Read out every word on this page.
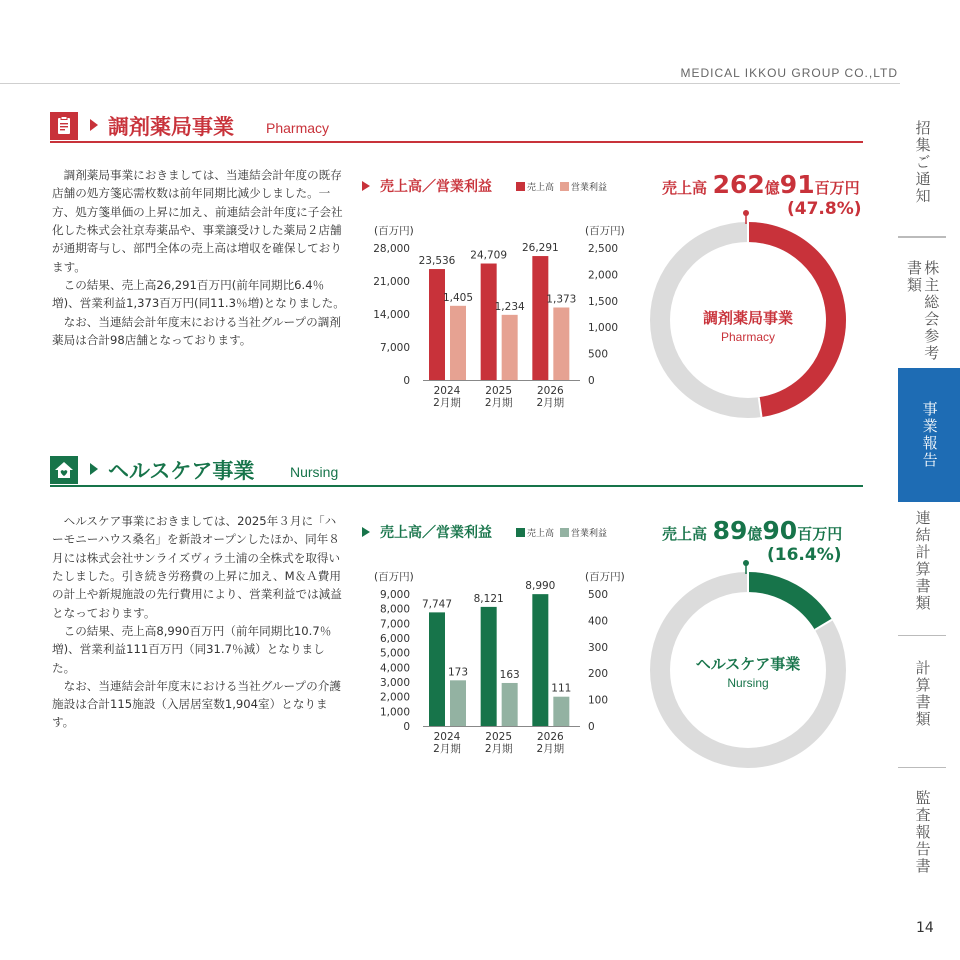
MEDICAL IKKOU GROUP CO.,LTD
招集ご通知
株主総会参考書類
事業報告
連結計算書類
計算書類
監査報告書
14
調剤薬局事業 Pharmacy

調剤薬局事業におきましては、当連結会計年度の既存店舗の処方箋応需枚数は前年同期比減少しました。一方、処方箋単価の上昇に加え、前連結会計年度に子会社化した株式会社京寿薬品や、事業譲受けした薬局２店舗が通期寄与し、部門全体の売上高は増収を確保しております。

この結果、売上高26,291百万円(前年同期比6.4％増)、営業利益1,373百万円(同11.3％増)となりました。

なお、当連結会計年度末における当社グループの調剤薬局は合計98店舗となっております。

売上高／営業利益	売上高 営業利益
(百万円)	(百万円)
0
7,000
14,000
21,000
28,000
0
500
1,000
1,500
2,000
2,500
23,536
1,405
2024
2月期
24,709
1,234
2025
2月期
26,291
1,373
2026
2月期
売上高 262億91百万円
(47.8%)
調剤薬局事業
Pharmacy
ヘルスケア事業	Nursing

ヘルスケア事業におきましては、2025年３月に「ハーモニーハウス桑名」を新設オープンしたほか、同年８月には株式会社サンライズヴィラ土浦の全株式を取得いたしました。引き続き労務費の上昇に加え、M＆Ａ費用の計上や新規施設の先行費用により、営業利益では減益となっております。

この結果、売上高8,990百万円（前年同期比10.7％増)、営業利益111百万円（同31.7％減）となりました。

なお、当連結会計年度末における当社グループの介護施設は合計115施設（入居居室数1,904室）となります。

売上高／営業利益	売上高 営業利益
(百万円)	(百万円)
0
1,000
2,000
3,000
4,000
5,000
6,000
7,000
8,000
9,000
0
100
200
300
400
500
7,747
173
2024
2月期
8,121
163
2025
2月期
8,990
111
2026
2月期
売上高 89億90百万円
(16.4%)
ヘルスケア事業
Nursing
